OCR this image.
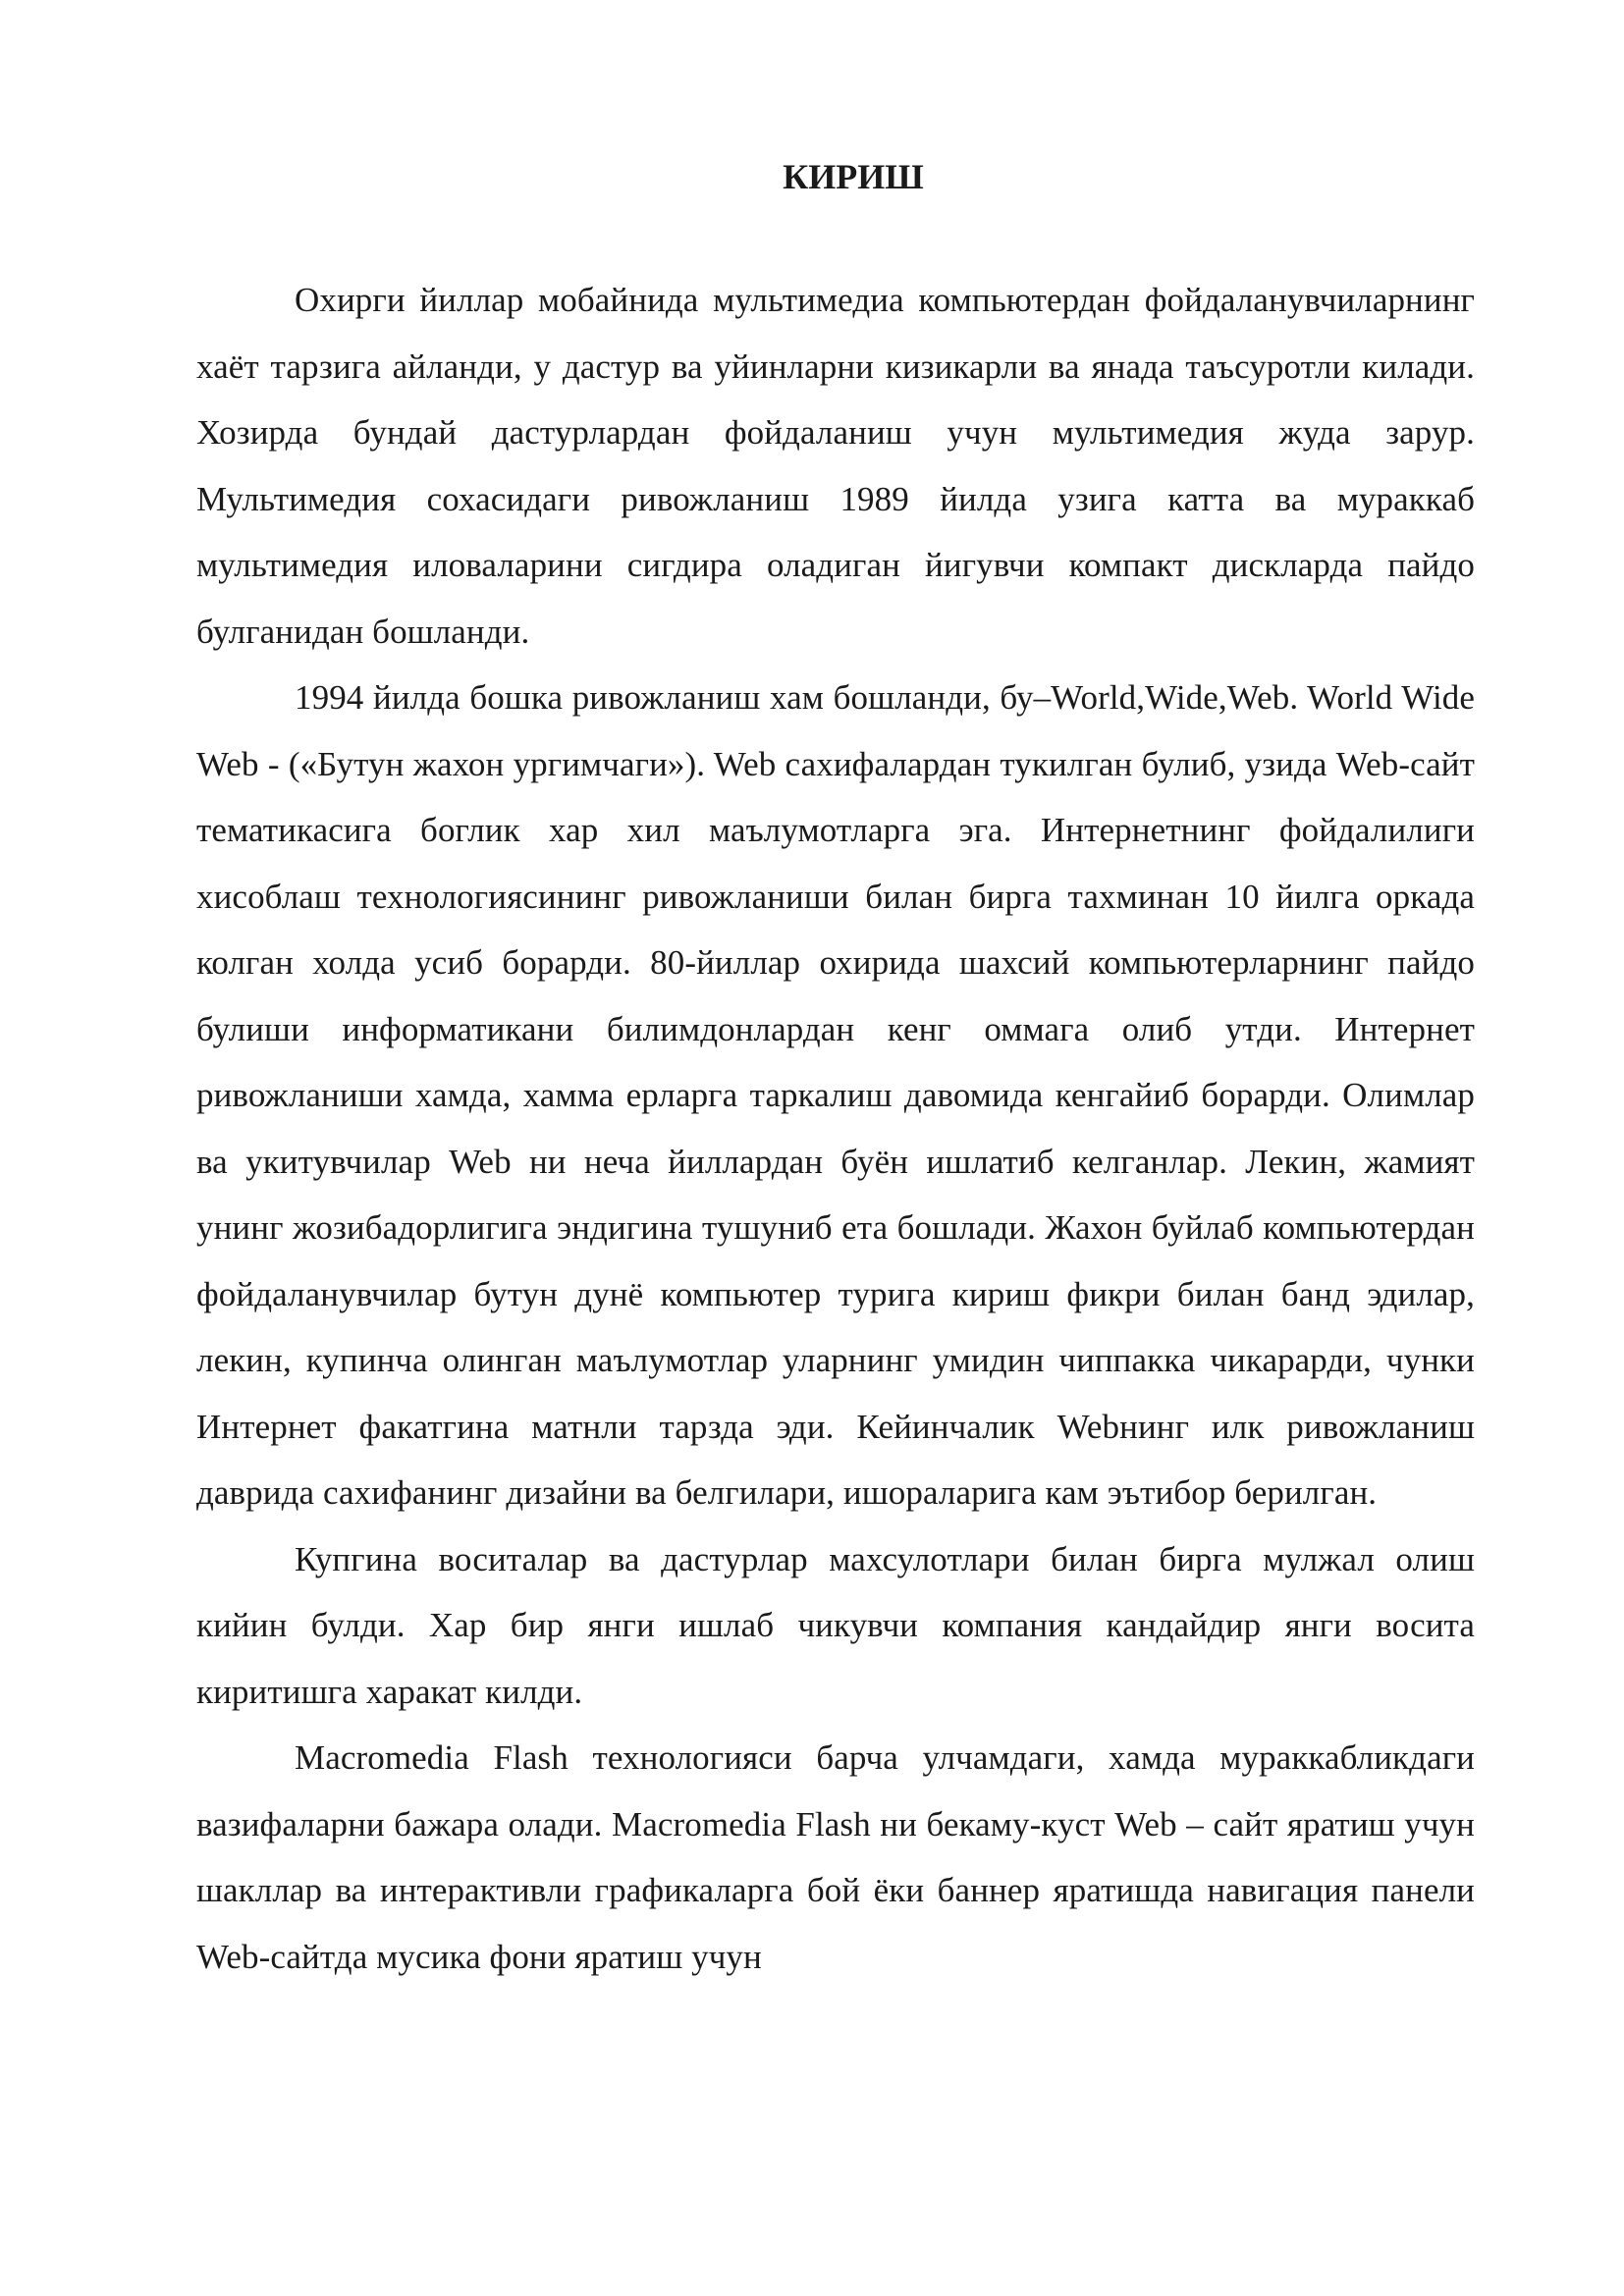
КИРИШ

Охирги йиллар мобайнида мультимедиа компьютердан фойдаланувчиларнинг хаёт тарзига айланди, у дастур ва уйинларни кизикарли ва янада таъсуротли килади. Хозирда бундай дастурлардан фойдаланиш учун мультимедия жуда зарур. Мультимедия сохасидаги ривожланиш 1989 йилда узига катта ва мураккаб мультимедия иловаларини сигдира оладиган йигувчи компакт дискларда пайдо булганидан бошланди.

1994 йилда бошка ривожланиш хам бошланди, бу–World,Wide,Web. World Wide Web - («Бутун жахон ургимчаги»). Web сахифалардан тукилган булиб, узида Web-сайт тематикасига боглик хар хил маълумотларга эга. Интернетнинг фойдалилиги хисоблаш технологиясининг ривожланиши билан бирга тахминан 10 йилга оркада колган холда усиб борарди. 80-йиллар охирида шахсий компьютерларнинг пайдо булиши информатикани билимдонлардан кенг оммага олиб утди. Интернет ривожланиши хамда, хамма ерларга таркалиш давомида кенгайиб борарди. Олимлар ва укитувчилар Web ни неча йиллардан буён ишлатиб келганлар. Лекин, жамият унинг жозибадорлигига эндигина тушуниб ета бошлади. Жахон буйлаб компьютердан фойдаланувчилар бутун дунё компьютер турига кириш фикри билан банд эдилар, лекин, купинча олинган маълумотлар уларнинг умидин чиппакка чикарарди, чунки Интернет факатгина матнли тарзда эди. Кейинчалик Webнинг илк ривожланиш даврида сахифанинг дизайни ва белгилари, ишораларига кам эътибор берилган.

Купгина воситалар ва дастурлар махсулотлари билан бирга мулжал олиш кийин булди. Хар бир янги ишлаб чикувчи компания кандайдир янги восита киритишга харакат килди.

Macromedia Flash технологияси барча улчамдаги, хамда мураккабликдаги вазифаларни бажара олади. Macromedia Flash ни бекаму-куст Web – сайт яратиш учун шакллар ва интерактивли графикаларга бой ёки баннер яратишда навигация панели Web-сайтда мусика фони яратиш учун
